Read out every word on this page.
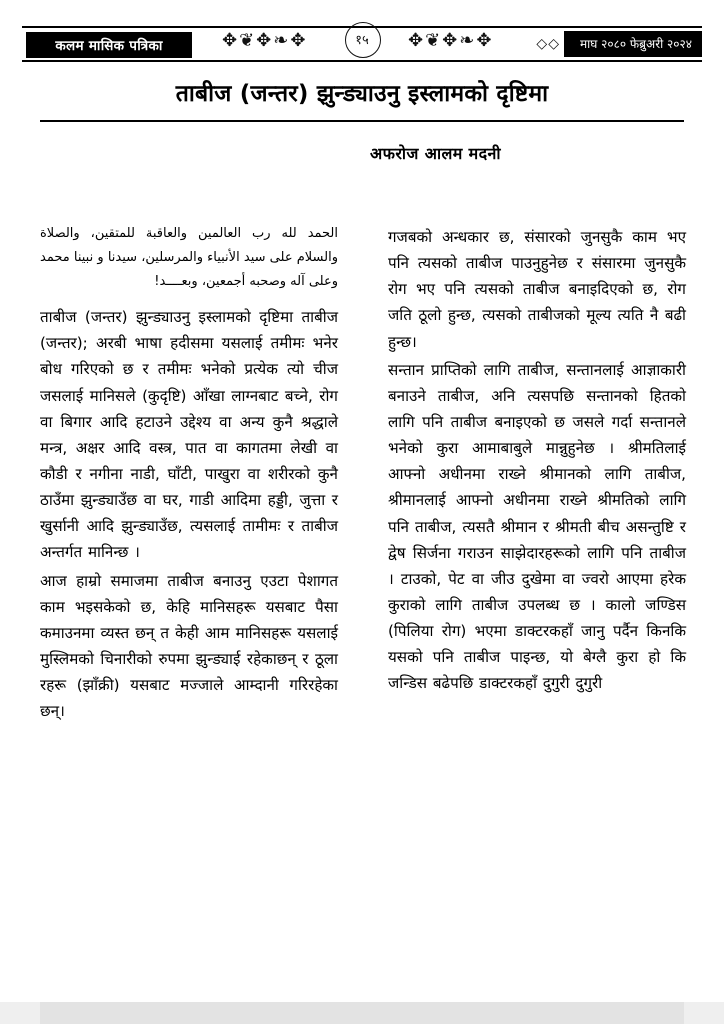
कलम मासिक पत्रिका	✥❦✥❧✥	१५ ✥❦✥❧✥	◇◇	माघ २०८० फेब्रुअरी २०२४
ताबीज (जन्तर) झुन्ड्याउनु इस्लामको दृष्टिमा
अफरोज आलम मदनी

الحمد لله رب العالمين والعاقبة للمتقين، والصلاة والسلام على سيد الأنبياء والمرسلين، سيدنا و نبينا محمد وعلى آله وصحبه أجمعين، وبعــــد!

ताबीज (जन्तर) झुन्ड्याउनु इस्लामको दृष्टिमा ताबीज (जन्तर); अरबी भाषा हदीसमा यसलाई तमीमः भनेर बोध गरिएको छ र तमीमः भनेको प्रत्येक त्यो चीज जसलाई मानिसले (कुदृष्टि) आँखा लाग्नबाट बच्ने, रोग वा बिगार आदि हटाउने उद्देश्य वा अन्य कुनै श्रद्धाले मन्त्र, अक्षर आदि वस्त्र, पात वा कागतमा लेखी वा कौडी र नगीना नाडी, घाँटी, पाखुरा वा शरीरको कुनै ठाउँमा झुन्ड्याउँछ वा घर, गाडी आदिमा हड्डी, जुत्ता र खुर्सानी आदि झुन्ड्याउँछ, त्यसलाई तामीमः र ताबीज अन्तर्गत मानिन्छ ।

आज हाम्रो समाजमा ताबीज बनाउनु एउटा पेशागत काम भइसकेको छ, केहि मानिसहरू यसबाट पैसा कमाउनमा व्यस्त छन् त केही आम मानिसहरू यसलाई मुस्लिमको चिनारीको रुपमा झुन्ड्याई रहेकाछन् र ठूला रहरू (झाँक्री) यसबाट मज्जाले आम्दानी गरिरहेका छन्।

गजबको अन्धकार छ, संसारको जुनसुकै काम भए पनि त्यसको ताबीज पाउनुहुनेछ र संसारमा जुनसुकै रोग भए पनि त्यसको ताबीज बनाइदिएको छ, रोग जति ठूलो हुन्छ, त्यसको ताबीजको मूल्य त्यति नै बढी हुन्छ।

सन्तान प्राप्तिको लागि ताबीज, सन्तानलाई आज्ञाकारी बनाउने ताबीज, अनि त्यसपछि सन्तानको हितको लागि पनि ताबीज बनाइएको छ जसले गर्दा सन्तानले भनेको कुरा आमाबाबुले मान्नुहुनेछ । श्रीमतिलाई आफ्नो अधीनमा राख्ने श्रीमानको लागि ताबीज, श्रीमानलाई आफ्नो अधीनमा राख्ने श्रीमतिको लागि पनि ताबीज, त्यसतै श्रीमान र श्रीमती बीच असन्तुष्टि र द्वेष सिर्जना गराउन साझेदारहरूको लागि पनि ताबीज । टाउको, पेट वा जीउ दुखेमा वा ज्वरो आएमा हरेक कुराको लागि ताबीज उपलब्ध छ । कालो जण्डिस (पिलिया रोग) भएमा डाक्टरकहाँ जानु पर्दैन किनकि यसको पनि ताबीज पाइन्छ, यो बेग्लै कुरा हो कि जन्डिस बढेपछि डाक्टरकहाँ दुगुरी दुगुरी
